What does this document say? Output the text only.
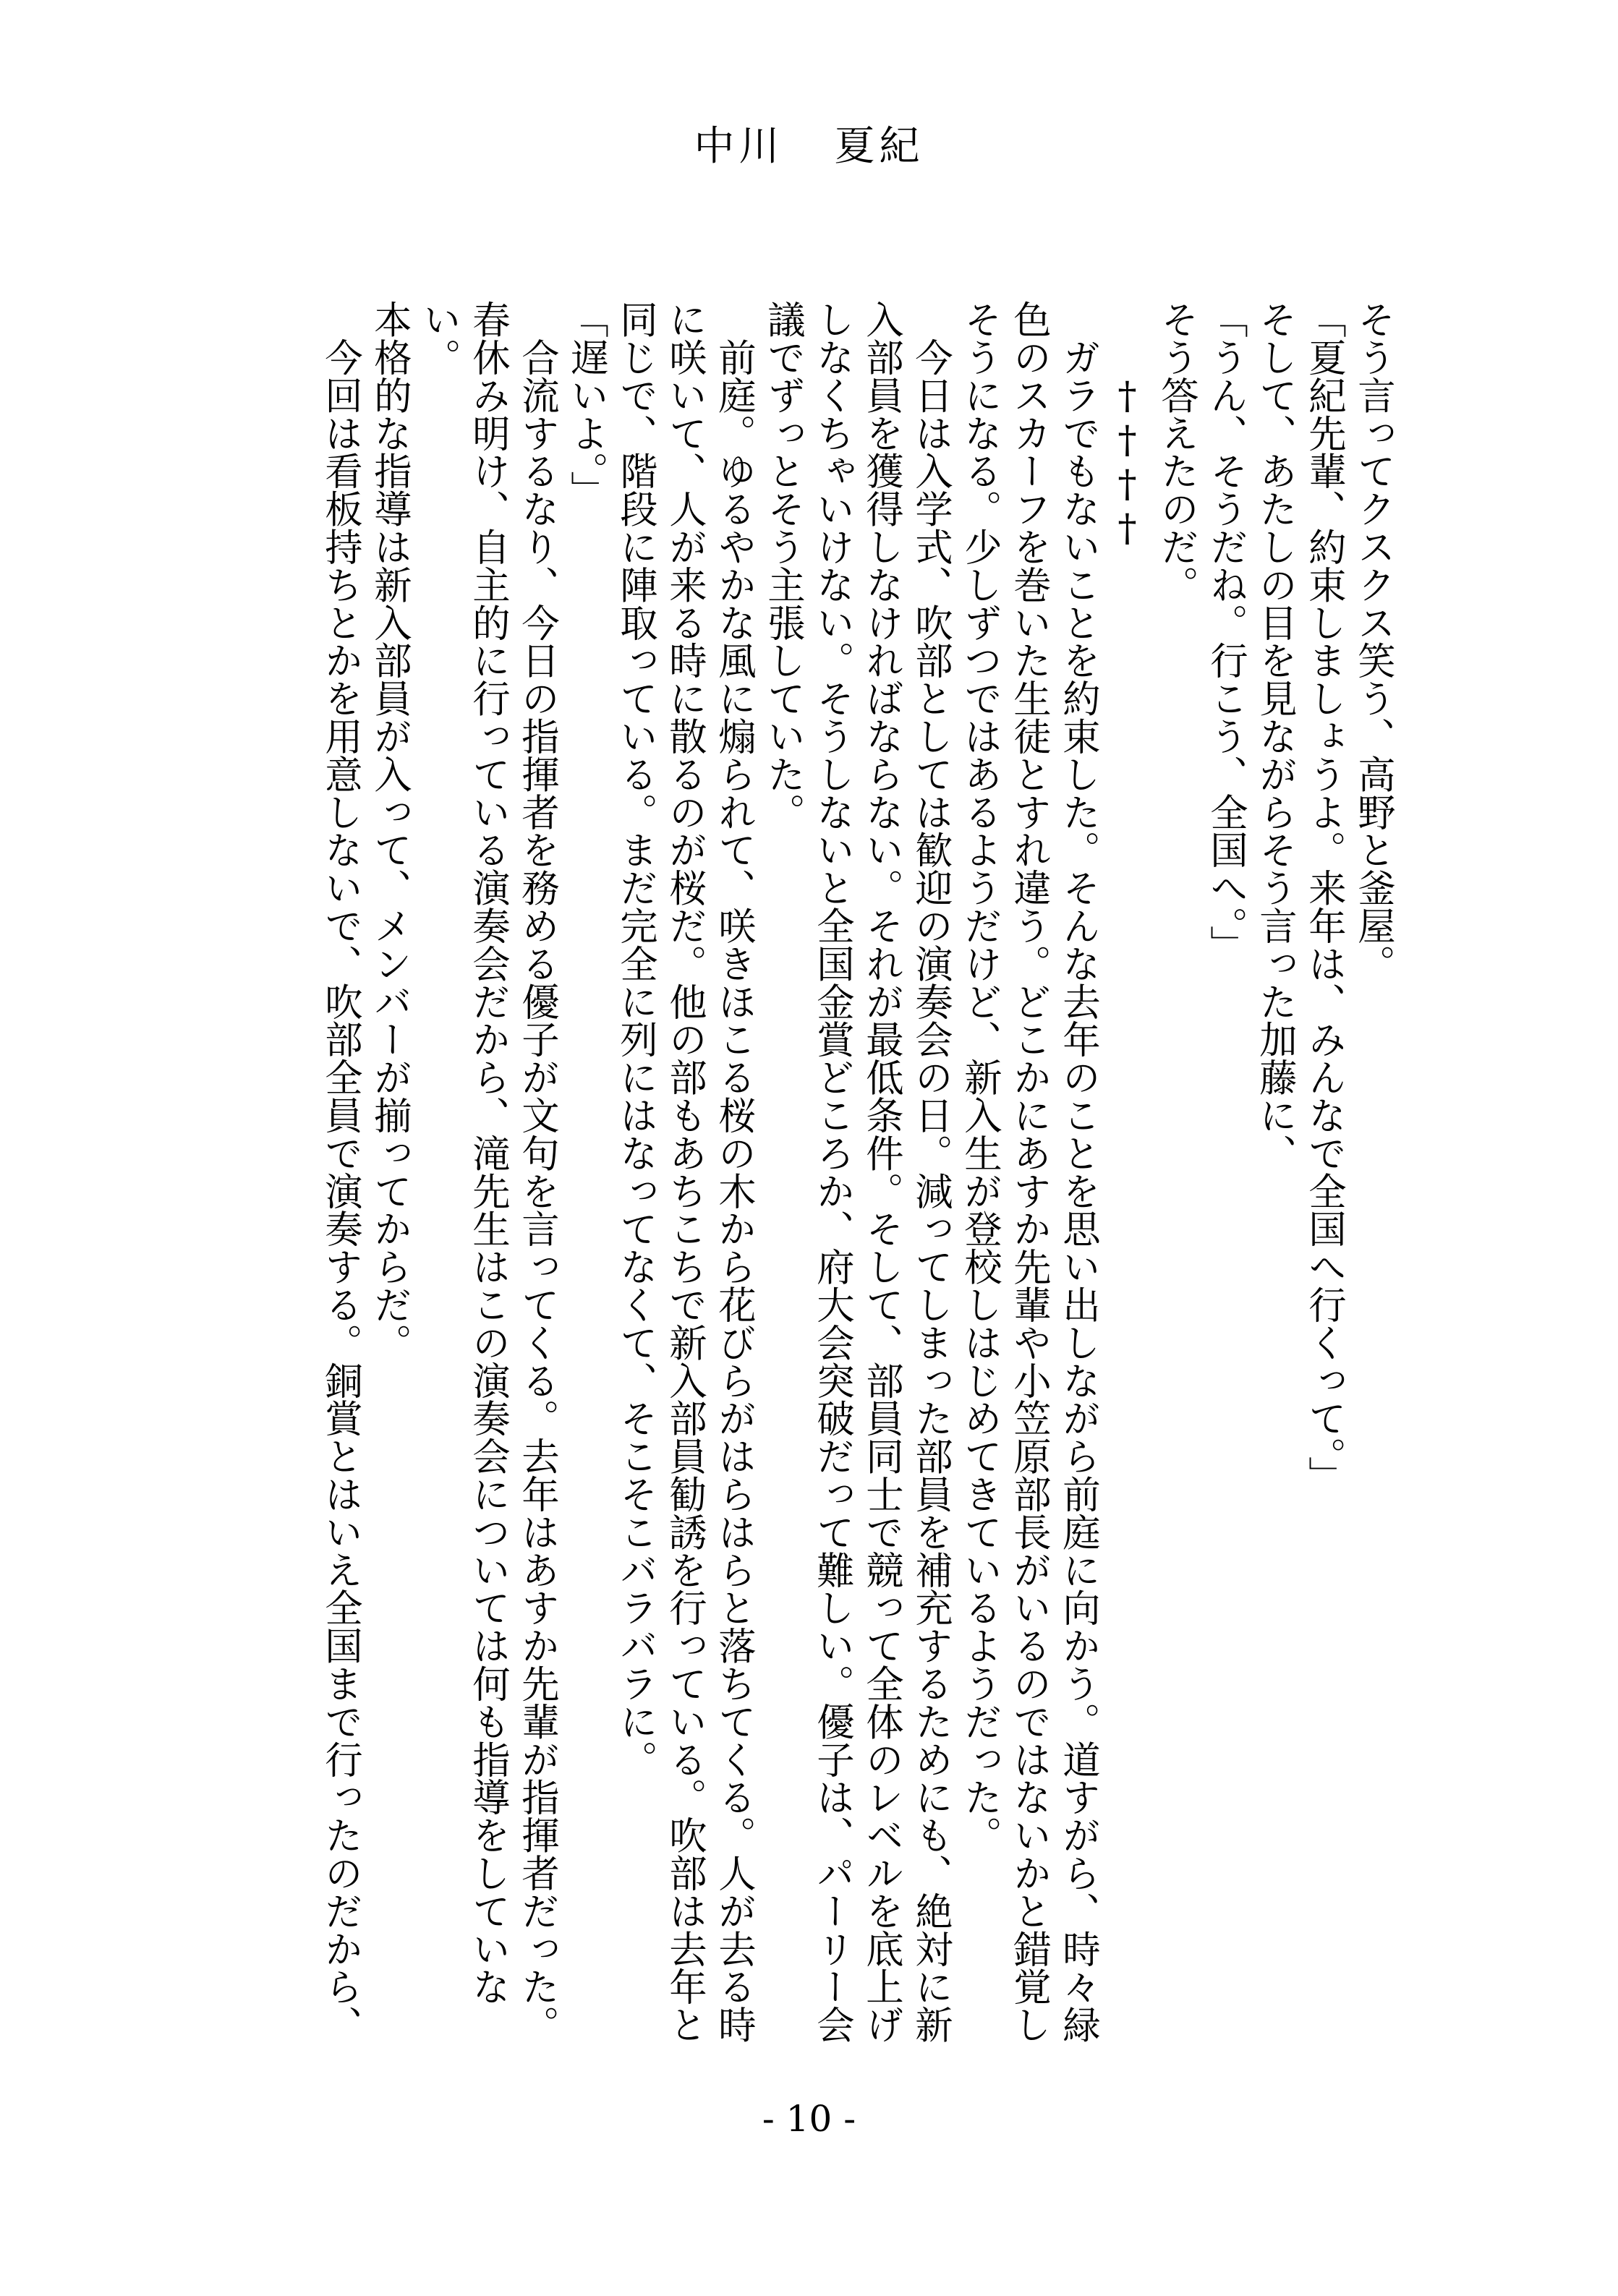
中川 夏紀

そう言ってクスクス笑う、高野と釜屋。

「夏紀先輩、約束しましょうよ。来年は、みんなで全国へ行くって。」

そして、あたしの目を見ながらそう言った加藤に、

「うん、そうだね。行こう、全国へ。」

そう答えたのだ。

††††

　ガラでもないことを約束した。そんな去年のことを思い出しながら前庭に向かう。道すがら、時々緑

色のスカーフを巻いた生徒とすれ違う。どこかにあすか先輩や小笠原部長がいるのではないかと錯覚し

そうになる。少しずつではあるようだけど、新入生が登校しはじめてきているようだった。

　今日は入学式、吹部としては歓迎の演奏会の日。減ってしまった部員を補充するためにも、絶対に新

入部員を獲得しなければならない。それが最低条件。そして、部員同士で競って全体のレベルを底上げ

しなくちゃいけない。そうしないと全国金賞どころか、府大会突破だって難しい。優子は、パーリー会

議でずっとそう主張していた。

　前庭。ゆるやかな風に煽られて、咲きほこる桜の木から花びらがはらはらと落ちてくる。人が去る時

に咲いて、人が来る時に散るのが桜だ。他の部もあちこちで新入部員勧誘を行っている。吹部は去年と

同じで、階段に陣取っている。まだ完全に列にはなってなくて、そこそこバラバラに。

「遅いよ。」

　合流するなり、今日の指揮者を務める優子が文句を言ってくる。去年はあすか先輩が指揮者だった。

春休み明け、自主的に行っている演奏会だから、滝先生はこの演奏会については何も指導をしていない。

本格的な指導は新入部員が入って、メンバーが揃ってからだ。

　今回は看板持ちとかを用意しないで、吹部全員で演奏する。銅賞とはいえ全国まで行ったのだから、

- 10 -
